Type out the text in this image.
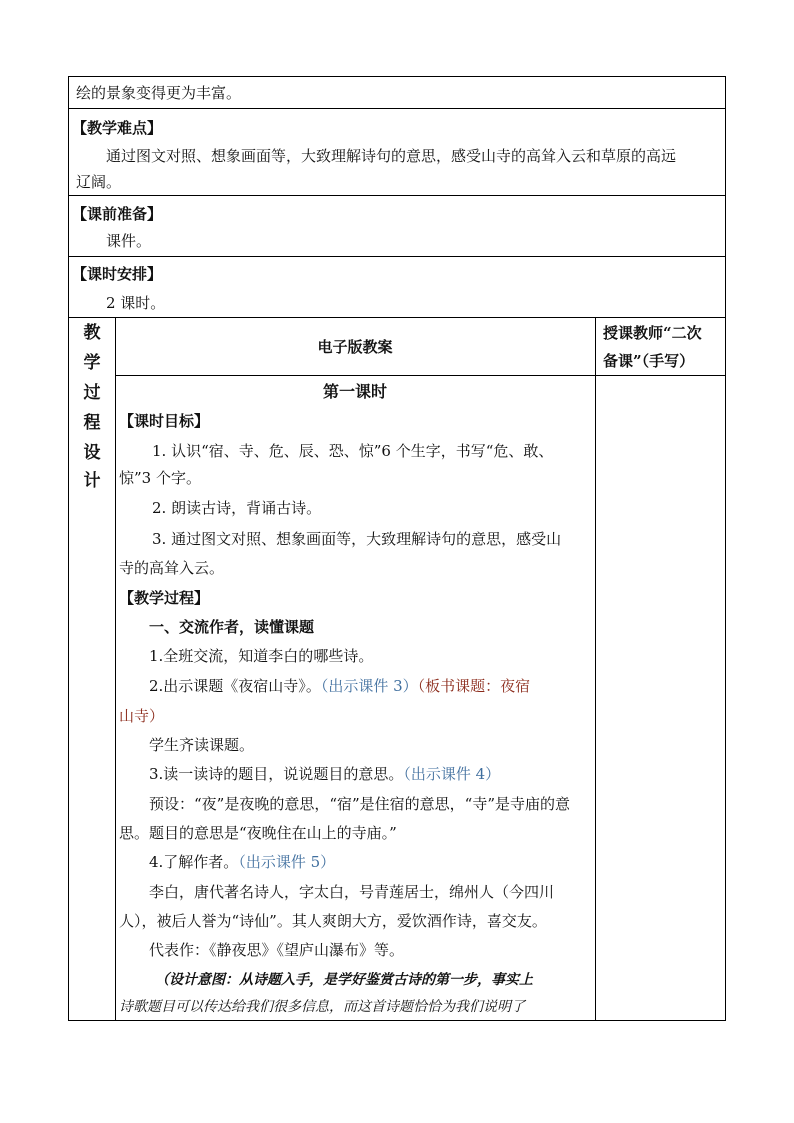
绘的景象变得更为丰富。
【教学难点】
通过图文对照、想象画面等，大致理解诗句的意思，感受山寺的高耸入云和草原的高远
辽阔。
【课前准备】
课件。
【课时安排】
2 课时。
教
学
过
程
设
计
电子版教案
授课教师“二次
备课”（手写）
第一课时
【课时目标】
1. 认识“宿、寺、危、辰、恐、惊”6 个生字，书写“危、敢、
惊”3 个字。
2. 朗读古诗，背诵古诗。
3. 通过图文对照、想象画面等，大致理解诗句的意思，感受山
寺的高耸入云。
【教学过程】
一、交流作者，读懂课题
1.全班交流，知道李白的哪些诗。
2.出示课题《夜宿山寺》。（出示课件 3）（板书课题：夜宿
山寺）
学生齐读课题。
3.读一读诗的题目，说说题目的意思。（出示课件 4）
预设：“夜”是夜晚的意思，“宿”是住宿的意思，“寺”是寺庙的意
思。题目的意思是“夜晚住在山上的寺庙。”
4.了解作者。（出示课件 5）
李白，唐代著名诗人，字太白，号青莲居士，绵州人（今四川
人），被后人誉为“诗仙”。其人爽朗大方，爱饮酒作诗，喜交友。
代表作：《静夜思》《望庐山瀑布》等。
（设计意图：从诗题入手，是学好鉴赏古诗的第一步，事实上
诗歌题目可以传达给我们很多信息，而这首诗题恰恰为我们说明了
